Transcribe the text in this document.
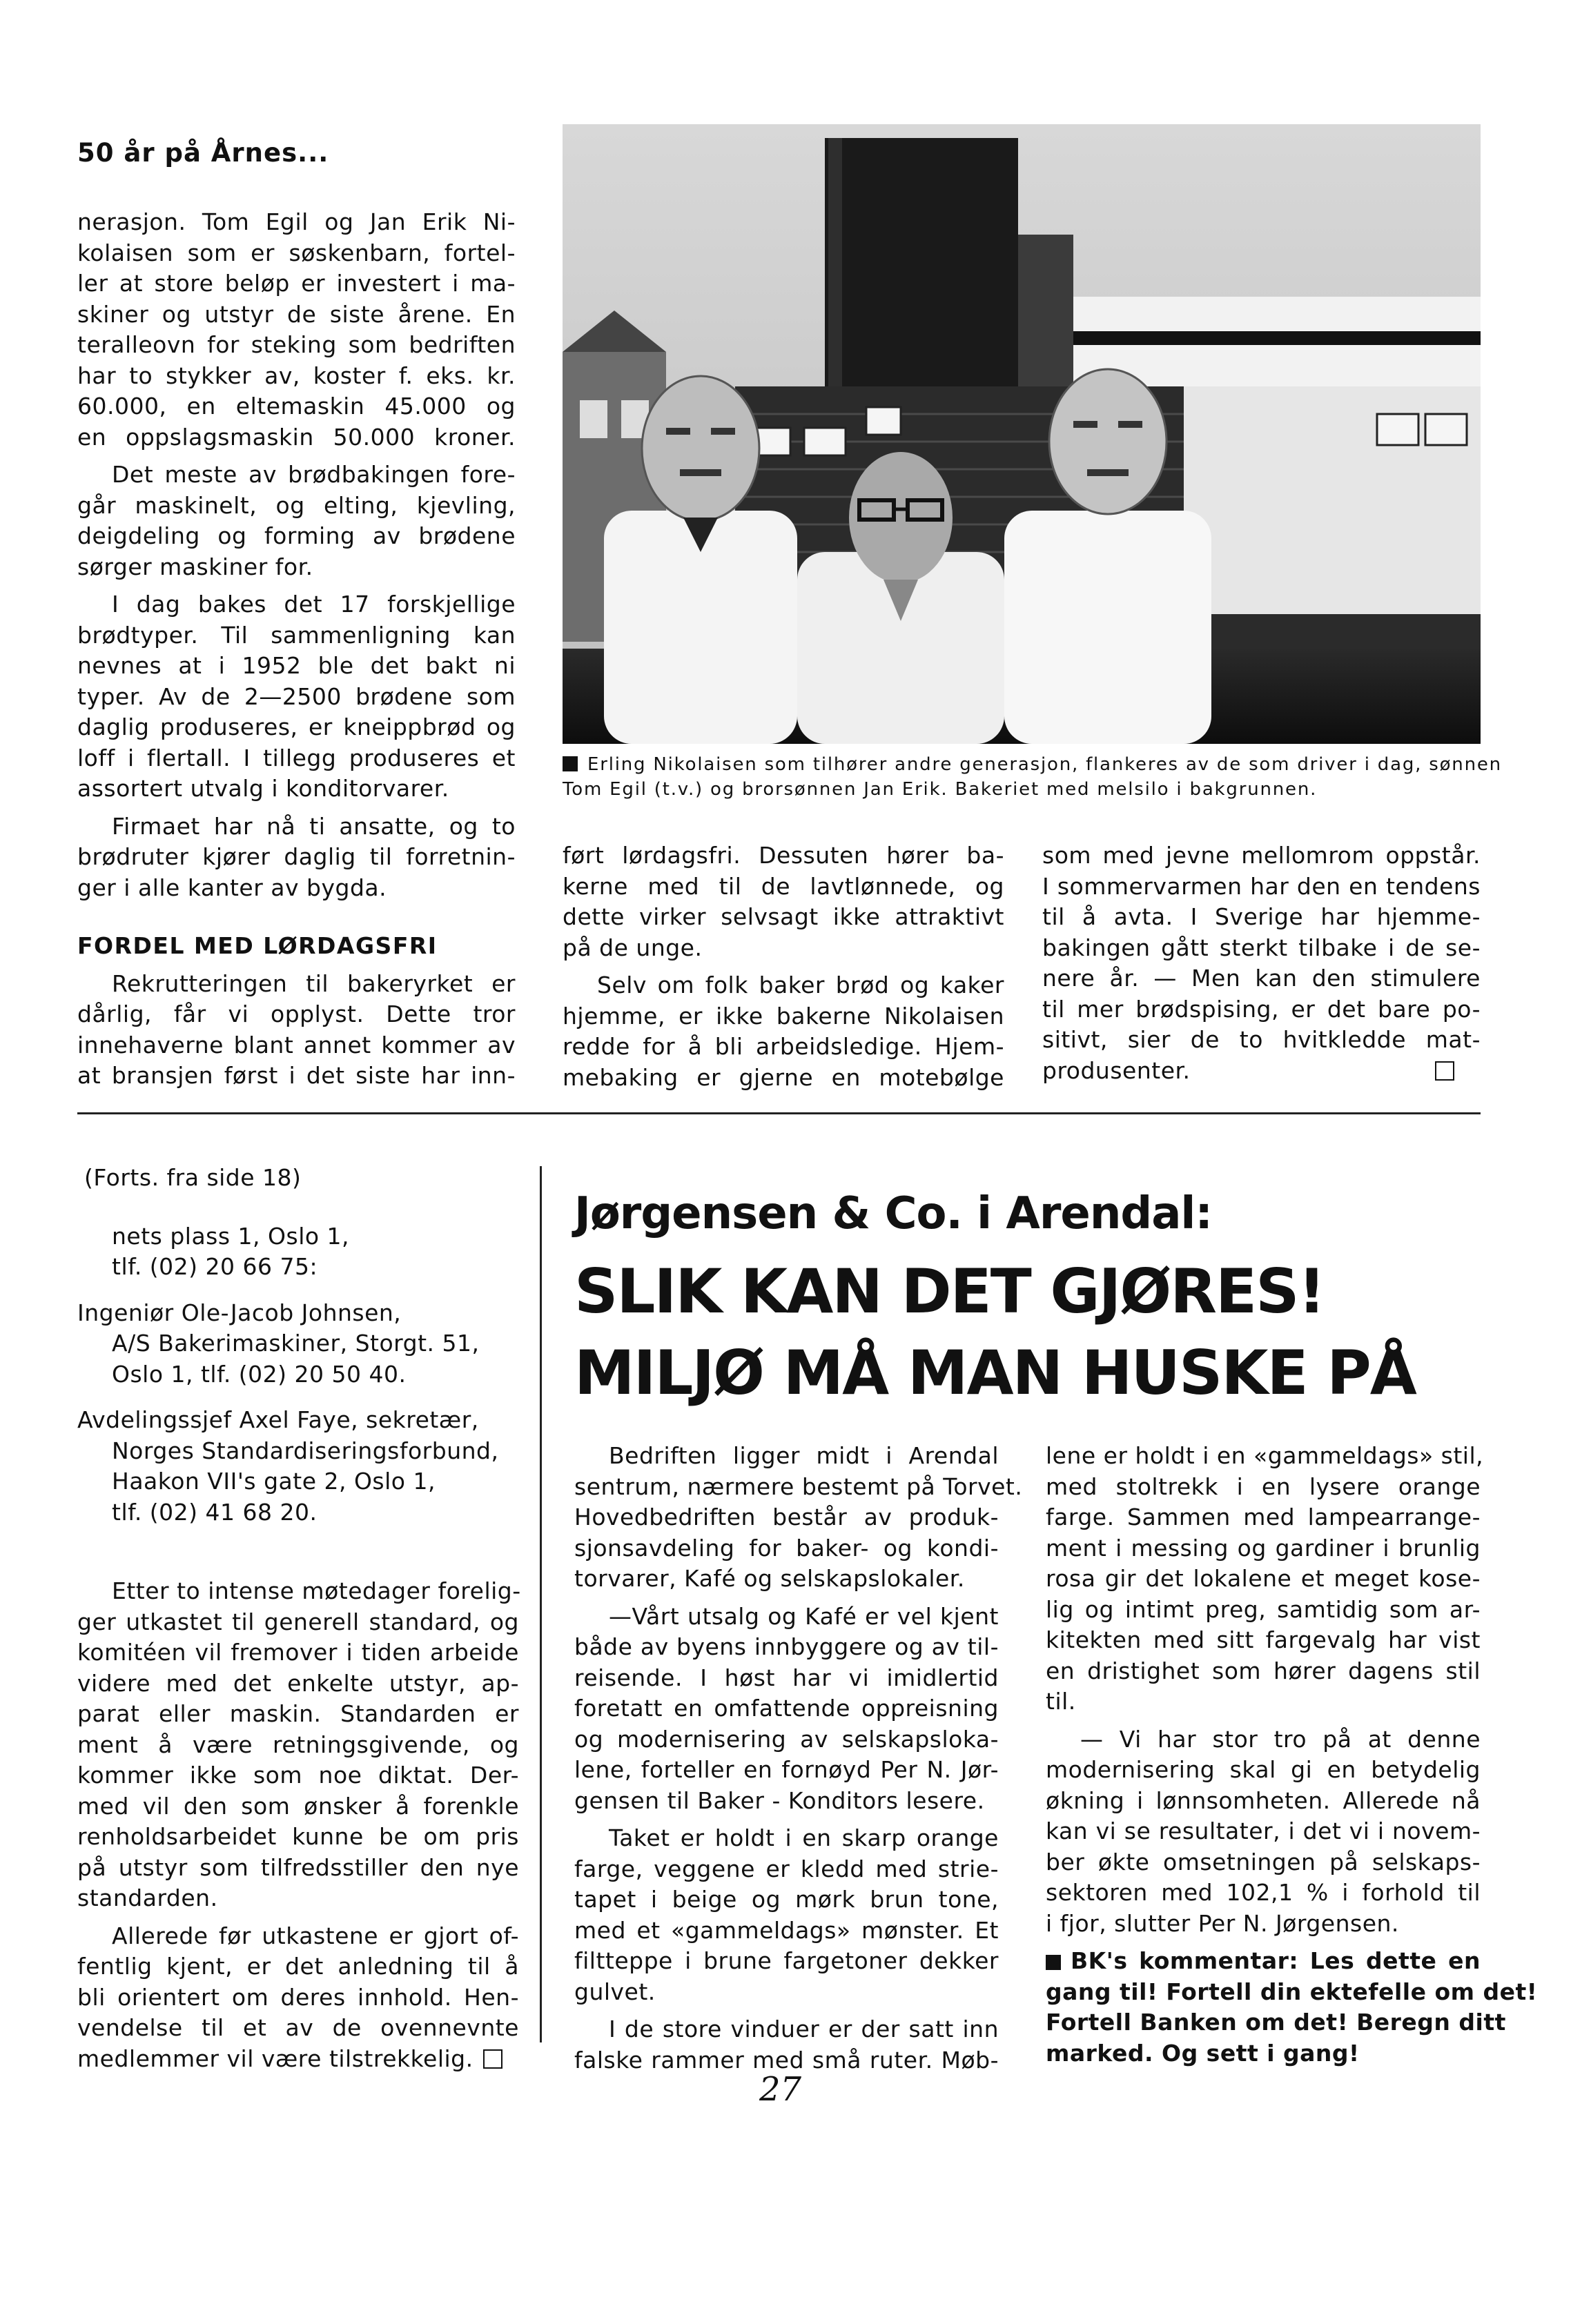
50 år på Årnes...
Erling Nikolaisen som tilhører andre generasjon, flankeres av de som driver i dag, sønnen
Tom Egil (t.v.) og brorsønnen Jan Erik. Bakeriet med melsilo i bakgrunnen.

nerasjon. Tom Egil og Jan Erik Ni-
kolaisen som er søskenbarn, fortel-
ler at store beløp er investert i ma-
skiner og utstyr de siste årene. En
teralleovn for steking som bedriften
har to stykker av, koster f. eks. kr.
60.000, en eltemaskin 45.000 og
en oppslagsmaskin 50.000 kroner.

Det meste av brødbakingen fore-
går maskinelt, og elting, kjevling,
deigdeling og forming av brødene
sørger maskiner for.

I dag bakes det 17 forskjellige
brødtyper. Til sammenligning kan
nevnes at i 1952 ble det bakt ni
typer. Av de 2—2500 brødene som
daglig produseres, er kneippbrød og
loff i flertall. I tillegg produseres et
assortert utvalg i konditorvarer.

Firmaet har nå ti ansatte, og to
brødruter kjører daglig til forretnin-
ger i alle kanter av bygda.

FORDEL MED LØRDAGSFRI

Rekrutteringen til bakeryrket er
dårlig, får vi opplyst. Dette tror
innehaverne blant annet kommer av
at bransjen først i det siste har inn-

ført lørdagsfri. Dessuten hører ba-
kerne med til de lavtlønnede, og
dette virker selvsagt ikke attraktivt
på de unge.

Selv om folk baker brød og kaker
hjemme, er ikke bakerne Nikolaisen
redde for å bli arbeidsledige. Hjem-
mebaking er gjerne en motebølge

som med jevne mellomrom oppstår.
I sommervarmen har den en tendens
til å avta. I Sverige har hjemme-
bakingen gått sterkt tilbake i de se-
nere år. — Men kan den stimulere
til mer brødspising, er det bare po-
sitivt, sier de to hvitkledde mat-
produsenter.

(Forts. fra side 18)
nets plass 1, Oslo 1,
tlf. (02) 20 66 75:
Ingeniør Ole-Jacob Johnsen,
A/S Bakerimaskiner, Storgt. 51,
Oslo 1, tlf. (02) 20 50 40.
Avdelingssjef Axel Faye, sekretær,
Norges Standardiseringsforbund,
Haakon VII's gate 2, Oslo 1,
tlf. (02) 41 68 20.

Etter to intense møtedager forelig-
ger utkastet til generell standard, og
komitéen vil fremover i tiden arbeide
videre med det enkelte utstyr, ap-
parat eller maskin. Standarden er
ment å være retningsgivende, og
kommer ikke som noe diktat. Der-
med vil den som ønsker å forenkle
renholdsarbeidet kunne be om pris
på utstyr som tilfredsstiller den nye
standarden.

Allerede før utkastene er gjort of-
fentlig kjent, er det anledning til å
bli orientert om deres innhold. Hen-
vendelse til et av de ovennevnte
medlemmer vil være tilstrekkelig.

Jørgensen & Co. i Arendal:
SLIK KAN DET GJØRES!
MILJØ MÅ MAN HUSKE PÅ

Bedriften ligger midt i Arendal
sentrum, nærmere bestemt på Torvet.
Hovedbedriften består av produk-
sjonsavdeling for baker- og kondi-
torvarer, Kafé og selskapslokaler.

—Vårt utsalg og Kafé er vel kjent
både av byens innbyggere og av til-
reisende. I høst har vi imidlertid
foretatt en omfattende oppreisning
og modernisering av selskapsloka-
lene, forteller en fornøyd Per N. Jør-
gensen til Baker - Konditors lesere.

Taket er holdt i en skarp orange
farge, veggene er kledd med strie-
tapet i beige og mørk brun tone,
med et «gammeldags» mønster. Et
filtteppe i brune fargetoner dekker
gulvet.

I de store vinduer er der satt inn
falske rammer med små ruter. Møb-

lene er holdt i en «gammeldags» stil,
med stoltrekk i en lysere orange
farge. Sammen med lampearrange-
ment i messing og gardiner i brunlig
rosa gir det lokalene et meget kose-
lig og intimt preg, samtidig som ar-
kitekten med sitt fargevalg har vist
en dristighet som hører dagens stil
til.

— Vi har stor tro på at denne
modernisering skal gi en betydelig
økning i lønnsomheten. Allerede nå
kan vi se resultater, i det vi i novem-
ber økte omsetningen på selskaps-
sektoren med 102,1 % i forhold til
i fjor, slutter Per N. Jørgensen.

BK's kommentar: Les dette en
gang til! Fortell din ektefelle om det!
Fortell Banken om det! Beregn ditt
marked. Og sett i gang!
27
